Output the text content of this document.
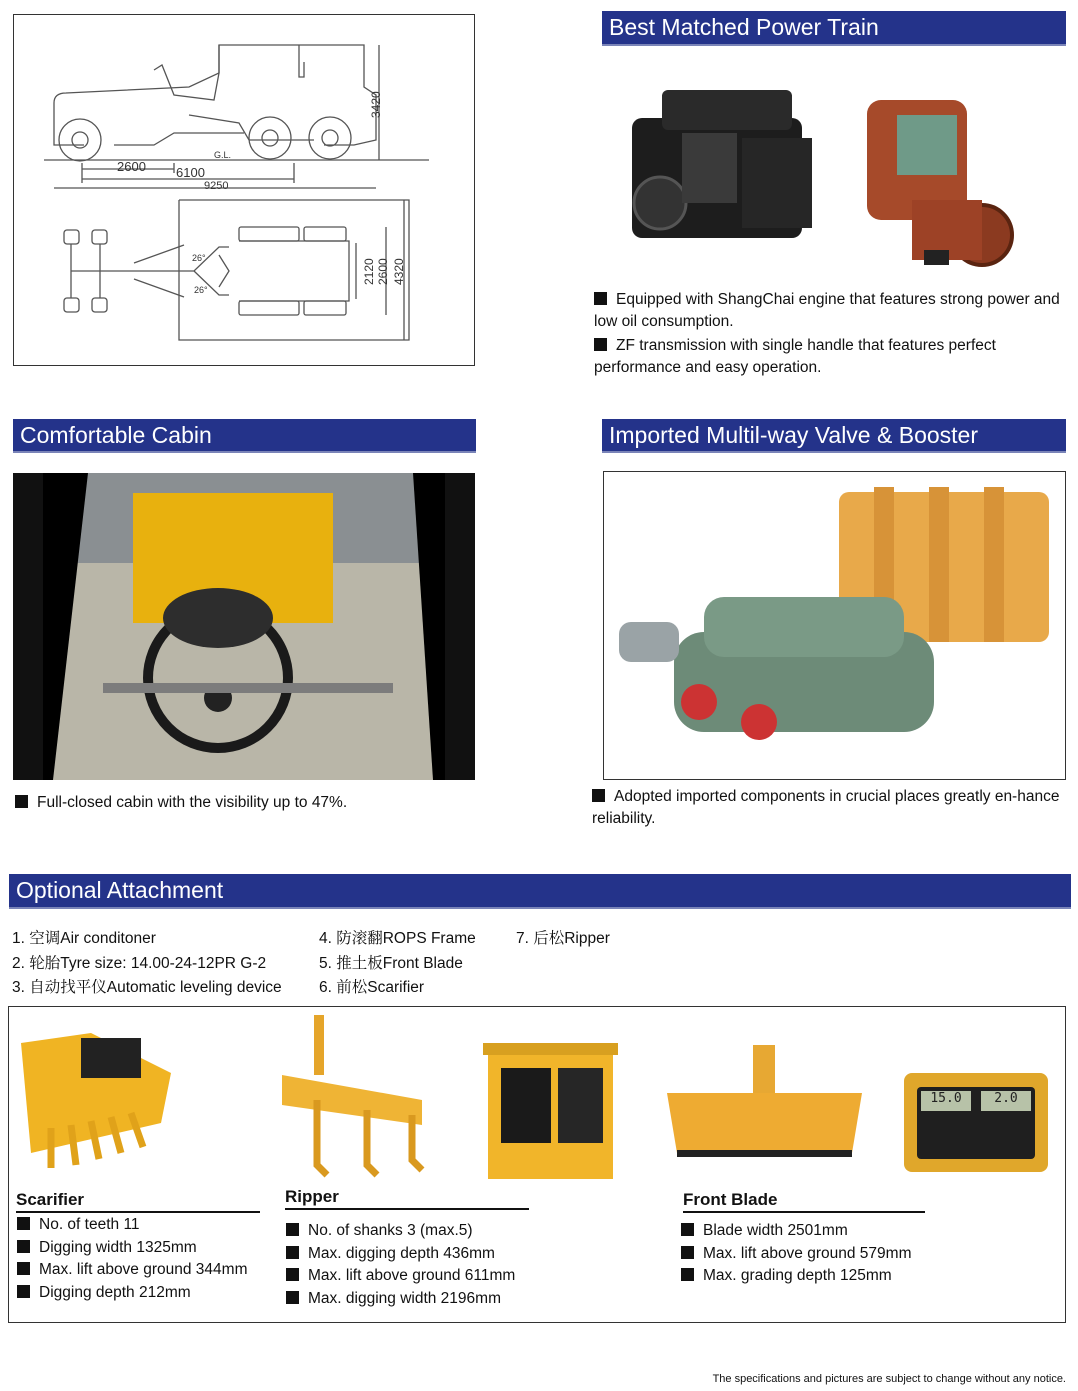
2600 6100
9250
G.L.
3420
26°
26°
2120 2600 4320
Best Matched Power Train
Equipped with ShangChai engine that features strong power and low oil consumption.
ZF transmission with single handle that features perfect performance and easy operation.
Comfortable Cabin
Full-closed cabin with the visibility up to 47%.
Imported Multil-way Valve & Booster
Adopted imported components in crucial places greatly en-hance reliability.
Optional Attachment
1. 空调Air conditoner
2. 轮胎Tyre size: 14.00-24-12PR G-2
3. 自动找平仪Automatic leveling device
4. 防滚翻ROPS Frame
5. 推土板Front Blade
6. 前松Scarifier
7. 后松Ripper
15.0	2.0
Scarifier
No. of teeth 11
Digging width 1325mm
Max. lift above ground 344mm
Digging depth 212mm
Ripper
No. of shanks 3 (max.5)
Max. digging depth 436mm
Max. lift above ground 611mm
Max. digging width 2196mm
Front Blade
Blade width 2501mm
Max. lift above ground 579mm
Max. grading depth 125mm
The specifications and pictures are subject to change without any notice.
